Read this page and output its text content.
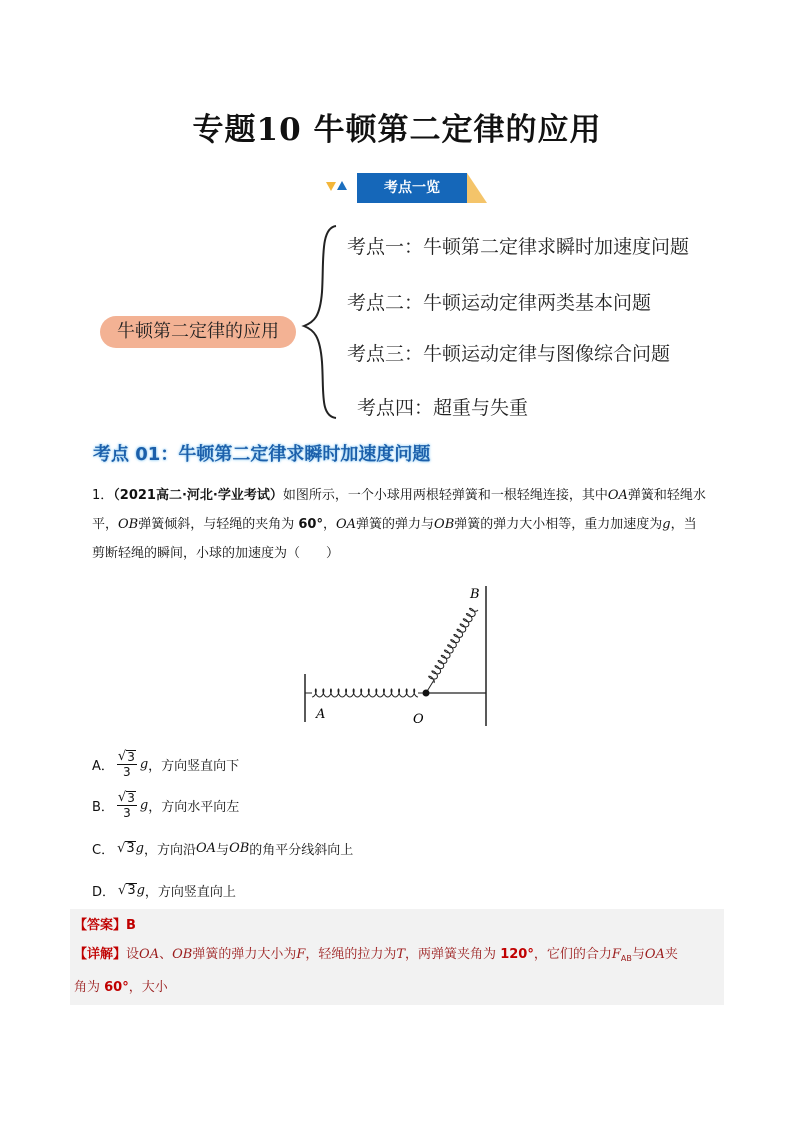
专题10 牛顿第二定律的应用
考点一览
牛顿第二定律的应用
考点一：牛顿第二定律求瞬时加速度问题
考点二：牛顿运动定律两类基本问题
考点三：牛顿运动定律与图像综合问题
考点四：超重与失重
考点 01：牛顿第二定律求瞬时加速度问题
1．（2021高二·河北·学业考试）如图所示，一个小球用两根轻弹簧和一根轻绳连接，其中OA弹簧和轻绳水
平，OB弹簧倾斜，与轻绳的夹角为 60°，OA弹簧的弹力与OB弹簧的弹力大小相等，重力加速度为g，当
剪断轻绳的瞬间，小球的加速度为（　　）
A	O
B
A． $\frac{√ 3}{3}$ g ，方向竖直向下
B． $\frac{√ 3}{3}$ g ，方向水平向左
C． √ 3 g ，方向沿 OA 与 OB 的角平分线斜向上
D． √ 3 g ，方向竖直向上
【答案】B
【详解】设OA、OB弹簧的弹力大小为F，轻绳的拉力为T，两弹簧夹角为 120°，它们的合力$F_{AB}$与OA夹
角为 60°，大小
